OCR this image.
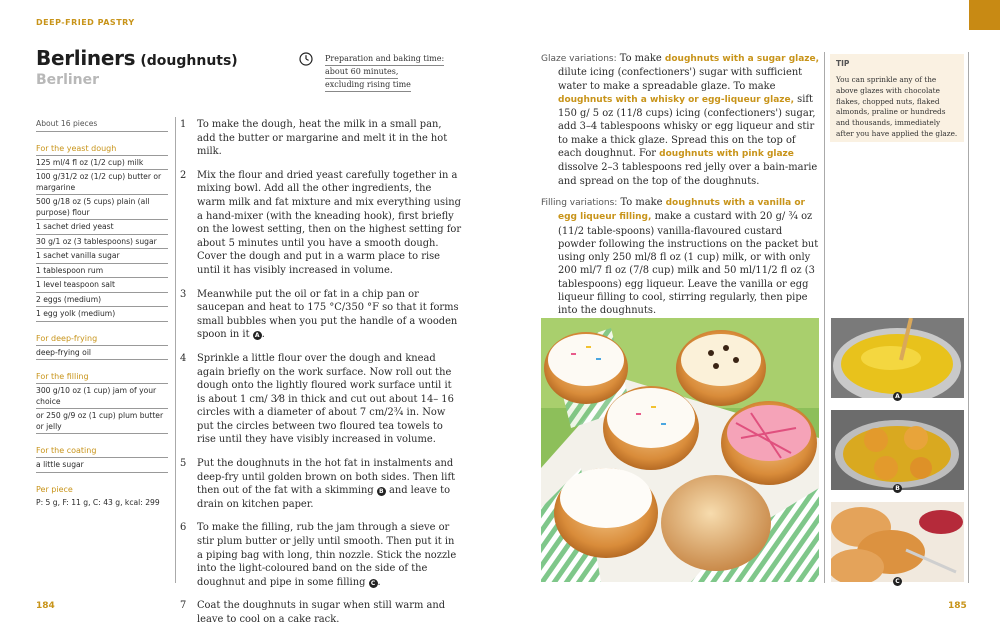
DEEP-FRIED PASTRY
Berliners (doughnuts)
Berliner
Preparation and baking time:
about 60 minutes,
excluding rising time
About 16 pieces
For the yeast dough
125 ml/4 fl oz (1/2 cup) milk
100 g/31/2 oz (1/2 cup) butter or margarine
500 g/18 oz (5 cups) plain (all purpose) flour
1 sachet dried yeast
30 g/1 oz (3 tablespoons) sugar
1 sachet vanilla sugar
1 tablespoon rum
1 level teaspoon salt
2 eggs (medium)
1 egg yolk (medium)
For deep-frying
deep-frying oil
For the filling
300 g/10 oz (1 cup) jam of your choice
or 250 g/9 oz (1 cup) plum butter or jelly
For the coating
a little sugar
Per piece
P: 5 g, F: 11 g, C: 43 g, kcal: 299
1 To make the dough, heat the milk in a small pan, add the butter or margarine and melt it in the hot milk.
2 Mix the flour and dried yeast carefully together in a mixing bowl. Add all the other ingredients, the warm milk and fat mixture and mix everything using a hand-mixer (with the kneading hook), first briefly on the lowest setting, then on the highest setting for about 5 minutes until you have a smooth dough. Cover the dough and put in a warm place to rise until it has visibly increased in volume.
3 Meanwhile put the oil or fat in a chip pan or saucepan and heat to 175 °C/350 °F so that it forms small bubbles when you put the handle of a wooden spoon in it A .
4 Sprinkle a little flour over the dough and knead again briefly on the work surface. Now roll out the dough onto the lightly floured work surface until it is about 1 cm/ 3⁄8 in thick and cut out about 14– 16 circles with a diameter of about 7 cm/2¾ in. Now put the circles between two floured tea towels to rise until they have visibly increased in volume.
5 Put the doughnuts in the hot fat in instalments and deep-fry until golden brown on both sides. Then lift then out of the fat with a skimming B and leave to drain on kitchen paper.
6 To make the filling, rub the jam through a sieve or stir plum butter or jelly until smooth. Then put it in a piping bag with long, thin nozzle. Stick the nozzle into the light-coloured band on the side of the doughnut and pipe in some filling C .
7 Coat the doughnuts in sugar when still warm and leave to cool on a cake rack.

Glaze variations: To make doughnuts with a sugar glaze, dilute icing (confectioners') sugar with sufficient water to make a spreadable glaze. To make doughnuts with a whisky or egg-liqueur glaze, sift 150 g/ 5 oz (11/8 cups) icing (confectioners') sugar, add 3–4 tablespoons whisky or egg liqueur and stir to make a thick glaze. Spread this on the top of each doughnut. For doughnuts with pink glaze dissolve 2–3 tablespoons red jelly over a bain-marie and spread on the top of the doughnuts.

Filling variations: To make doughnuts with a vanilla or egg liqueur filling, make a custard with 20 g/ ¾ oz (11/2 table-spoons) vanilla-flavoured custard powder following the instructions on the packet but using only 250 ml/8 fl oz (1 cup) milk, or with only 200 ml/7 fl oz (7/8 cup) milk and 50 ml/11/2 fl oz (3 tablespoons) egg liqueur. Leave the vanilla or egg liqueur filling to cool, stirring regularly, then pipe into the doughnuts.

TIP
You can sprinkle any of the above glazes with chocolate flakes, chopped nuts, flaked almonds, praline or hundreds and thousands, immediately after you have applied the glaze.
A
B
C
184	185
